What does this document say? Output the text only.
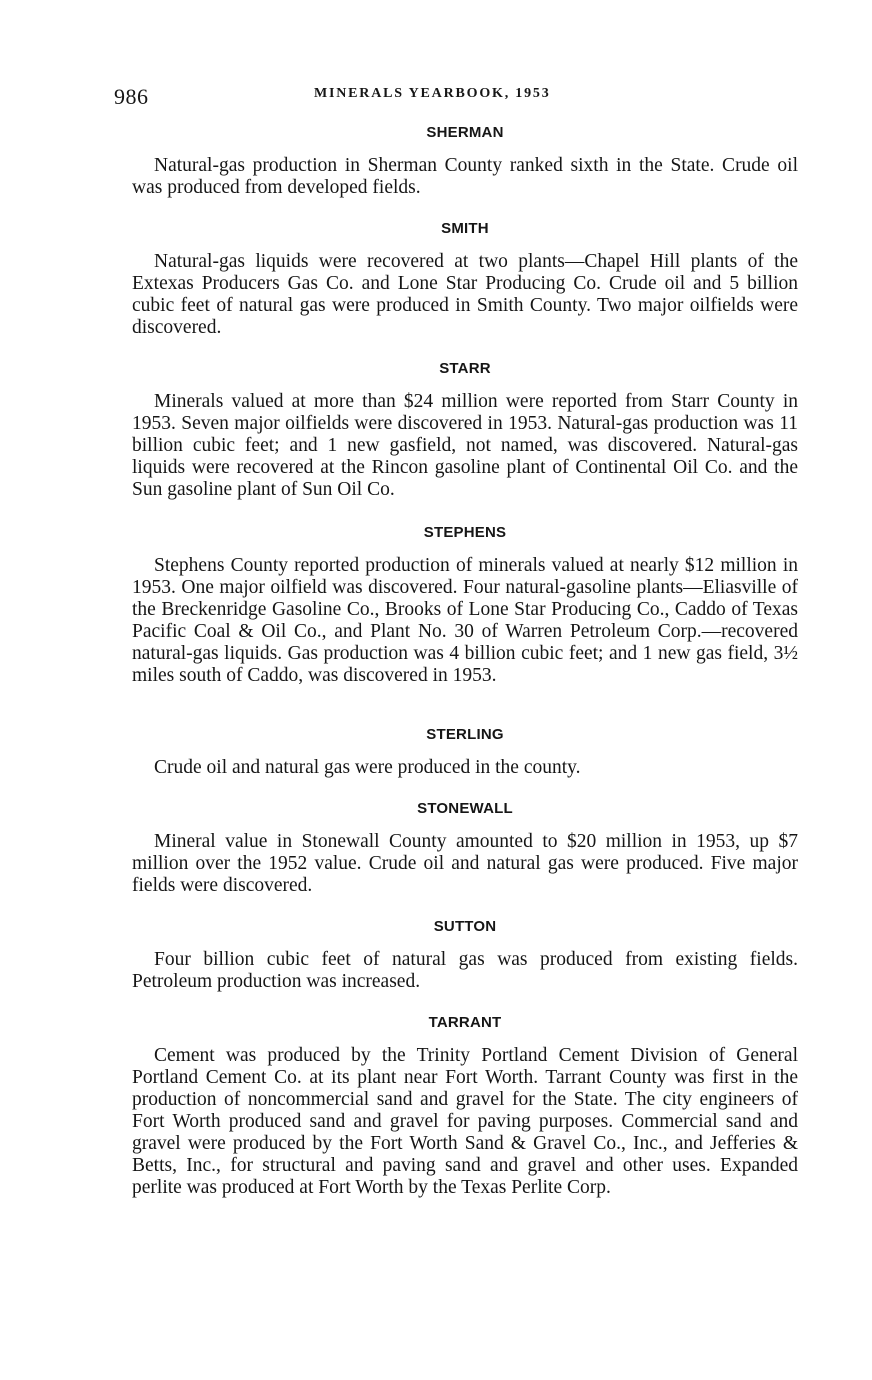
986	MINERALS YEARBOOK, 1953
SHERMAN

Natural-gas production in Sherman County ranked sixth in the State. Crude oil was produced from developed fields.

SMITH

Natural-gas liquids were recovered at two plants—Chapel Hill plants of the Extexas Producers Gas Co. and Lone Star Producing Co. Crude oil and 5 billion cubic feet of natural gas were produced in Smith County. Two major oilfields were discovered.

STARR

Minerals valued at more than $24 million were reported from Starr County in 1953. Seven major oilfields were discovered in 1953. Natural-gas production was 11 billion cubic feet; and 1 new gasfield, not named, was discovered. Natural-gas liquids were recovered at the Rincon gasoline plant of Continental Oil Co. and the Sun gasoline plant of Sun Oil Co.

STEPHENS

Stephens County reported production of minerals valued at nearly $12 million in 1953. One major oilfield was discovered. Four natural-gasoline plants—Eliasville of the Breckenridge Gasoline Co., Brooks of Lone Star Producing Co., Caddo of Texas Pacific Coal & Oil Co., and Plant No. 30 of Warren Petroleum Corp.—recovered natural-gas liquids. Gas production was 4 billion cubic feet; and 1 new gas field, 3½ miles south of Caddo, was discovered in 1953.

STERLING

Crude oil and natural gas were produced in the county.

STONEWALL

Mineral value in Stonewall County amounted to $20 million in 1953, up $7 million over the 1952 value. Crude oil and natural gas were produced. Five major fields were discovered.

SUTTON

Four billion cubic feet of natural gas was produced from existing fields. Petroleum production was increased.

TARRANT

Cement was produced by the Trinity Portland Cement Division of General Portland Cement Co. at its plant near Fort Worth. Tarrant County was first in the production of noncommercial sand and gravel for the State. The city engineers of Fort Worth produced sand and gravel for paving purposes. Commercial sand and gravel were produced by the Fort Worth Sand & Gravel Co., Inc., and Jefferies & Betts, Inc., for structural and paving sand and gravel and other uses. Expanded perlite was produced at Fort Worth by the Texas Perlite Corp.
